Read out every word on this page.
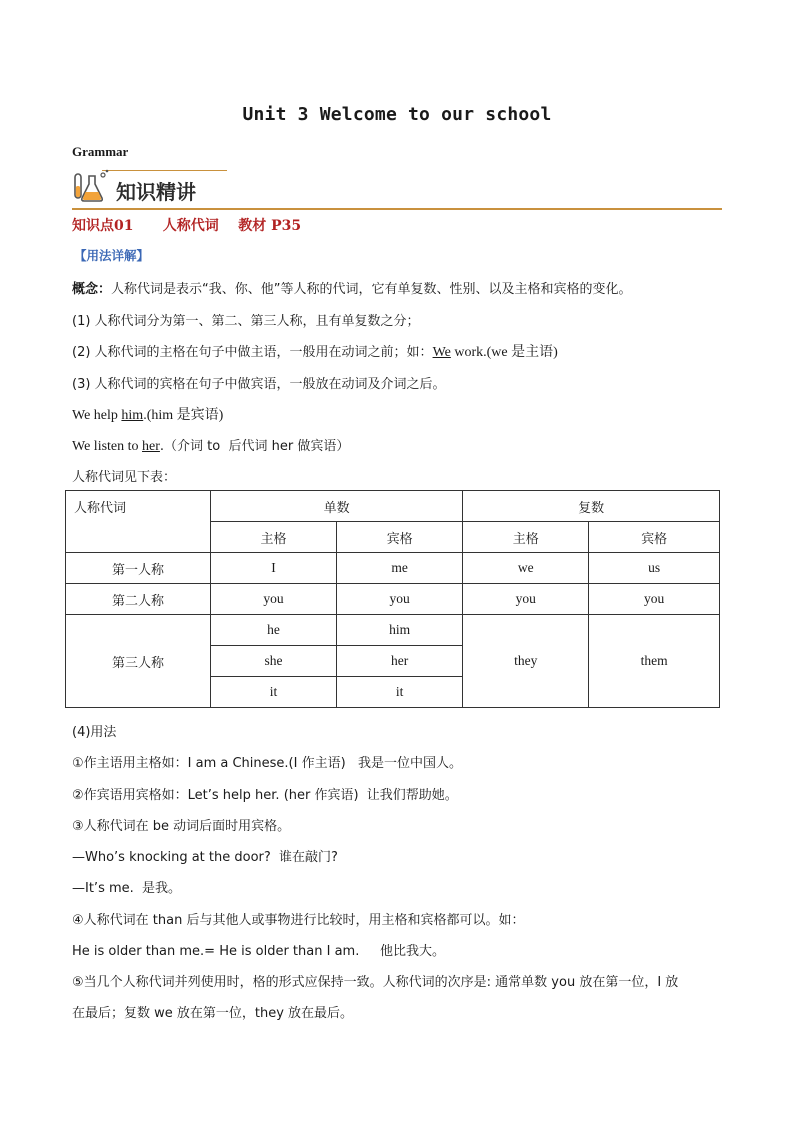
Unit 3 Welcome to our school
Grammar
知识精讲
知识点01      人称代词    教材 P35
【用法详解】
概念：人称代词是表示“我、你、他”等人称的代词，它有单复数、性别、以及主格和宾格的变化。
(1) 人称代词分为第一、第二、第三人称，且有单复数之分；
(2) 人称代词的主格在句子中做主语，一般用在动词之前；如：We work.(we 是主语)
(3) 人称代词的宾格在句子中做宾语，一般放在动词及介词之后。
We help him.(him 是宾语)
We listen to her.（介词 to  后代词 her 做宾语）
人称代词见下表：
人称代词	单数		复数	
	主格	宾格	主格	宾格
第一人称	I	me	we	us
第二人称	you	you	you	you
第三人称	he	him	they	them
	she	her		
	it	it		
(4)用法
①作主语用主格如：I am a Chinese.(I 作主语)   我是一位中国人。
②作宾语用宾格如：Let’s help her. (her 作宾语)  让我们帮助她。
③人称代词在 be 动词后面时用宾格。
—Who’s knocking at the door?  谁在敲门?
—It’s me.  是我。
④人称代词在 than 后与其他人或事物进行比较时，用主格和宾格都可以。如：
He is older than me.= He is older than I am.     他比我大。
⑤当几个人称代词并列使用时，格的形式应保持一致。人称代词的次序是: 通常单数 you 放在第一位，I 放
在最后；复数 we 放在第一位，they 放在最后。
